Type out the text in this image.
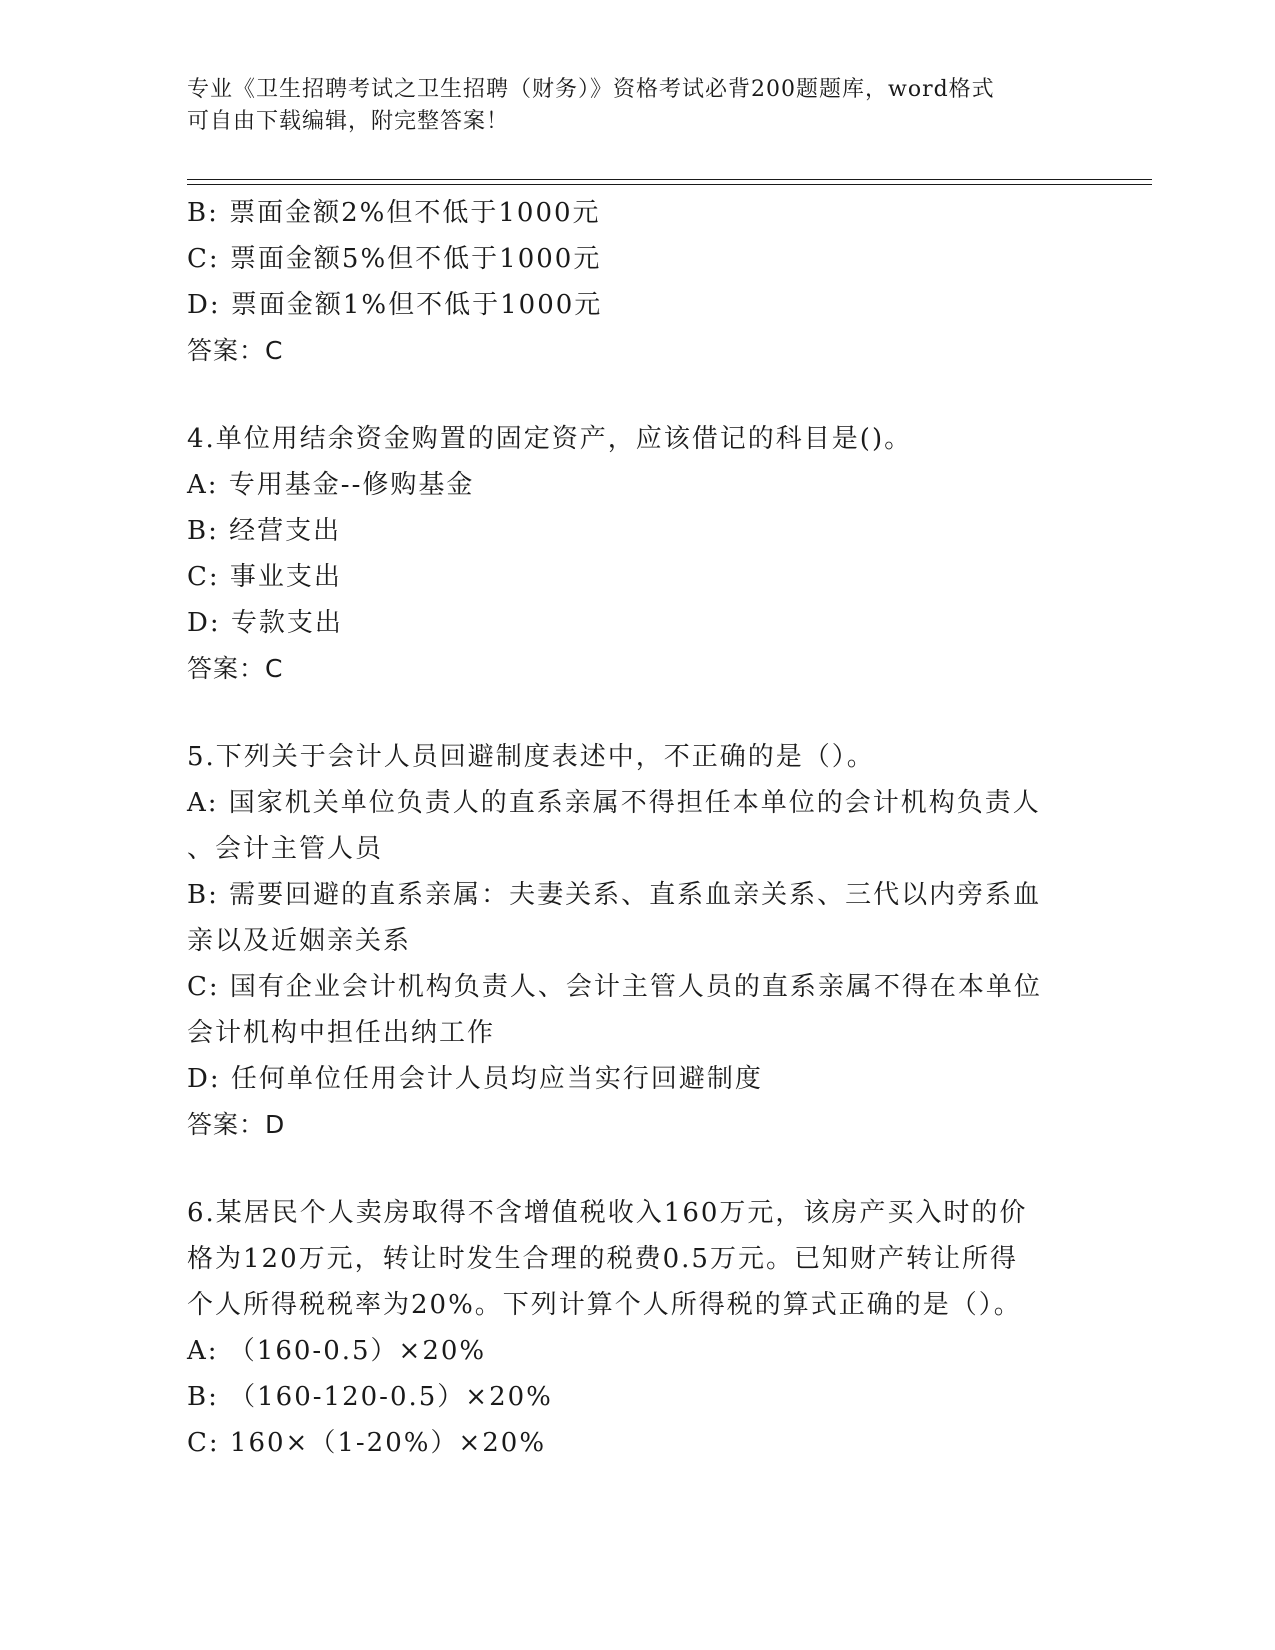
专业《卫生招聘考试之卫生招聘（财务）》资格考试必背200题题库，word格式
可自由下载编辑，附完整答案！
B: 票面金额2%但不低于1000元
C: 票面金额5%但不低于1000元
D: 票面金额1%但不低于1000元
答案：C
4.单位用结余资金购置的固定资产，应该借记的科目是()。
A: 专用基金--修购基金
B: 经营支出
C: 事业支出
D: 专款支出
答案：C
5.下列关于会计人员回避制度表述中，不正确的是（）。
A: 国家机关单位负责人的直系亲属不得担任本单位的会计机构负责人
、会计主管人员
B: 需要回避的直系亲属：夫妻关系、直系血亲关系、三代以内旁系血
亲以及近姻亲关系
C: 国有企业会计机构负责人、会计主管人员的直系亲属不得在本单位
会计机构中担任出纳工作
D: 任何单位任用会计人员均应当实行回避制度
答案：D
6.某居民个人卖房取得不含增值税收入160万元，该房产买入时的价
格为120万元，转让时发生合理的税费0.5万元。已知财产转让所得
个人所得税税率为20%。下列计算个人所得税的算式正确的是（）。
A: （160-0.5）×20%
B: （160-120-0.5）×20%
C: 160×（1-20%）×20%
